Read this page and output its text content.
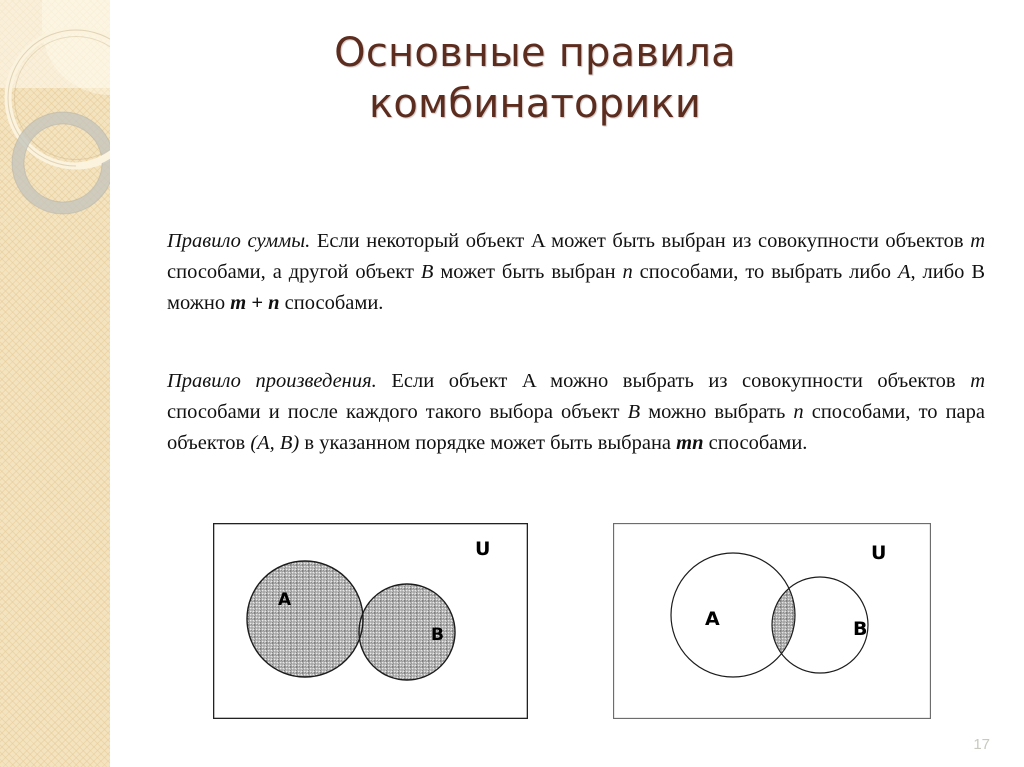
Основные правила
комбинаторики
Правило суммы. Если некоторый объект A может быть выбран из совокупности объектов m способами, а другой объект B может быть выбран n способами, то выбрать либо A, либо B можно m + n способами.
Правило произведения. Если объект A можно выбрать из совокупности объектов m способами и после каждого такого выбора объект B можно выбрать n способами, то пара объектов (A, B) в указанном порядке может быть выбрана mn способами.
A
B
U
A	B
U
17
